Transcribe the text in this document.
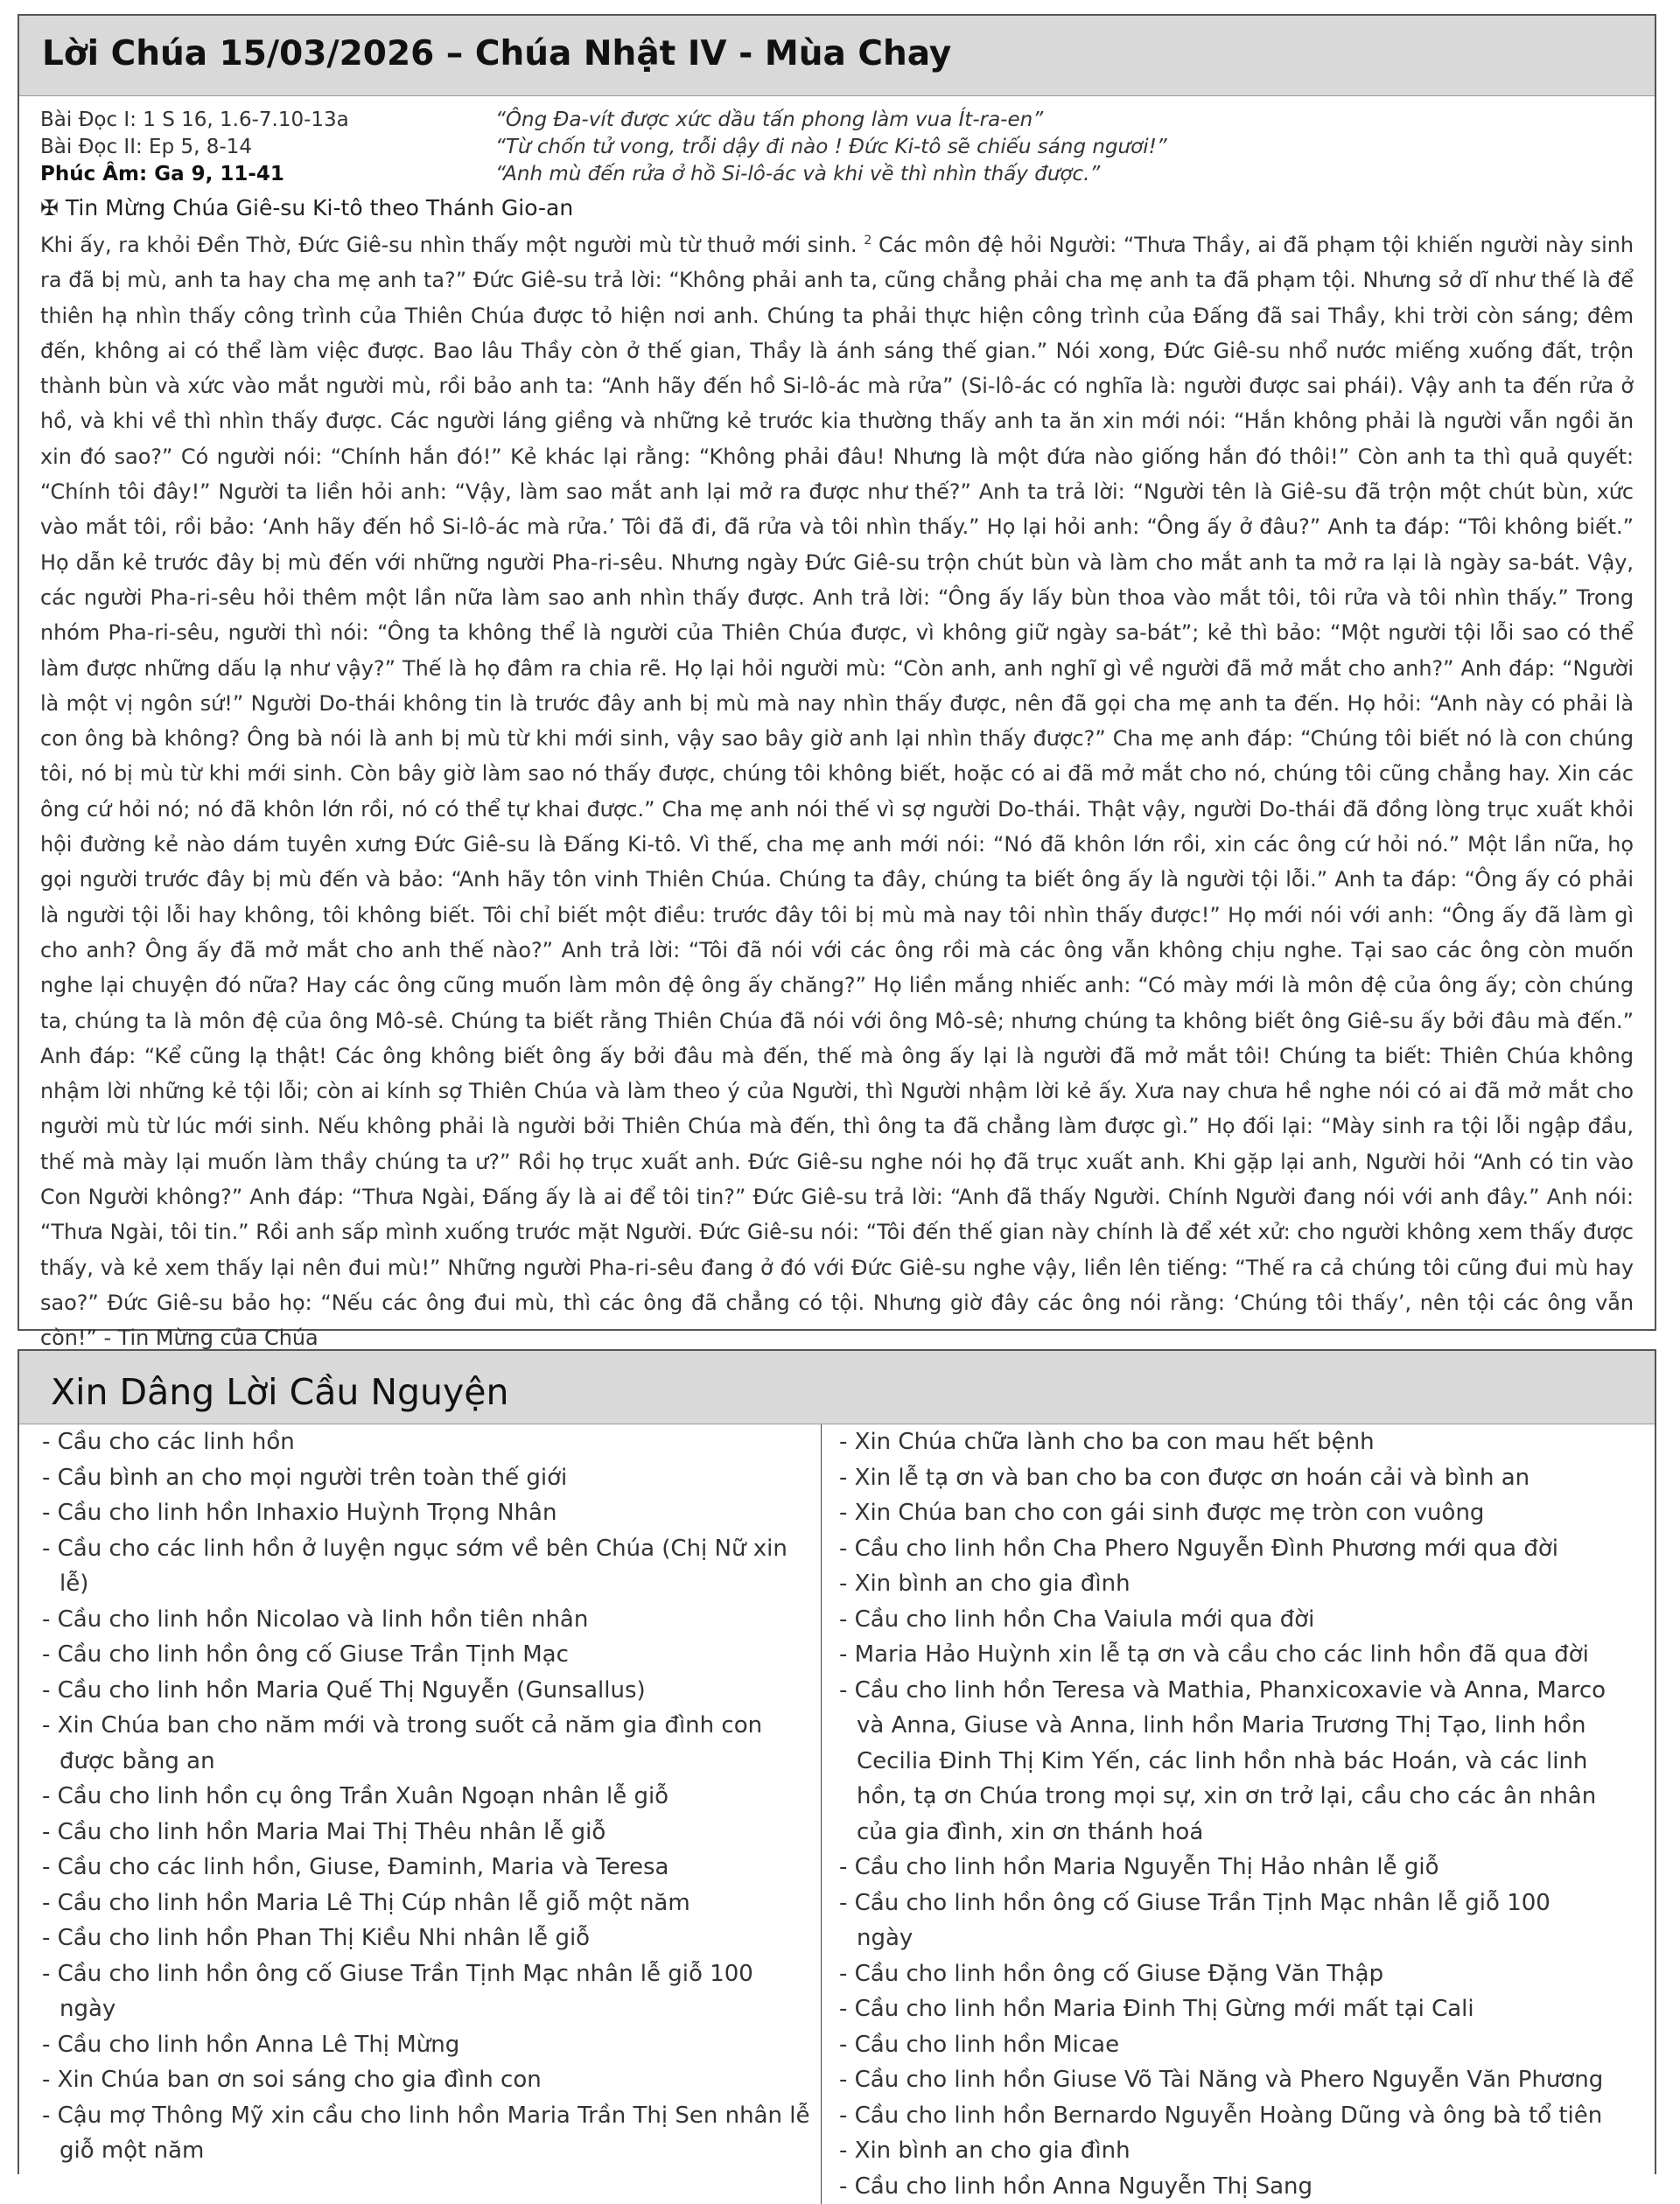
Lời Chúa 15/03/2026 – Chúa Nhật IV - Mùa Chay
Bài Đọc I: 1 S 16, 1.6-7.10-13a	“Ông Đa-vít được xức dầu tấn phong làm vua Ít-ra-en”
Bài Đọc II: Ep 5, 8-14	“Từ chốn tử vong, trỗi dậy đi nào ! Đức Ki-tô sẽ chiếu sáng ngươi!”
Phúc Âm: Ga 9, 11-41	“Anh mù đến rửa ở hồ Si-lô-ác và khi về thì nhìn thấy được.”
✠ Tin Mừng Chúa Giê-su Ki-tô theo Thánh Gio-an
Khi ấy, ra khỏi Đền Thờ, Đức Giê-su nhìn thấy một người mù từ thuở mới sinh. $^2$ Các môn đệ hỏi Người: “Thưa Thầy, ai đã phạm tội khiến người này sinh ra đã bị mù, anh ta hay cha mẹ anh ta?” Đức Giê-su trả lời: “Không phải anh ta, cũng chẳng phải cha mẹ anh ta đã phạm tội. Nhưng sở dĩ như thế là để thiên hạ nhìn thấy công trình của Thiên Chúa được tỏ hiện nơi anh. Chúng ta phải thực hiện công trình của Đấng đã sai Thầy, khi trời còn sáng; đêm đến, không ai có thể làm việc được. Bao lâu Thầy còn ở thế gian, Thầy là ánh sáng thế gian.” Nói xong, Đức Giê-su nhổ nước miếng xuống đất, trộn thành bùn và xức vào mắt người mù, rồi bảo anh ta: “Anh hãy đến hồ Si-lô-ác mà rửa” (Si-lô-ác có nghĩa là: người được sai phái). Vậy anh ta đến rửa ở hồ, và khi về thì nhìn thấy được. Các người láng giềng và những kẻ trước kia thường thấy anh ta ăn xin mới nói: “Hắn không phải là người vẫn ngồi ăn xin đó sao?” Có người nói: “Chính hắn đó!” Kẻ khác lại rằng: “Không phải đâu! Nhưng là một đứa nào giống hắn đó thôi!” Còn anh ta thì quả quyết: “Chính tôi đây!” Người ta liền hỏi anh: “Vậy, làm sao mắt anh lại mở ra được như thế?” Anh ta trả lời: “Người tên là Giê-su đã trộn một chút bùn, xức vào mắt tôi, rồi bảo: ‘Anh hãy đến hồ Si-lô-ác mà rửa.’ Tôi đã đi, đã rửa và tôi nhìn thấy.” Họ lại hỏi anh: “Ông ấy ở đâu?” Anh ta đáp: “Tôi không biết.” Họ dẫn kẻ trước đây bị mù đến với những người Pha-ri-sêu. Nhưng ngày Đức Giê-su trộn chút bùn và làm cho mắt anh ta mở ra lại là ngày sa-bát. Vậy, các người Pha-ri-sêu hỏi thêm một lần nữa làm sao anh nhìn thấy được. Anh trả lời: “Ông ấy lấy bùn thoa vào mắt tôi, tôi rửa và tôi nhìn thấy.” Trong nhóm Pha-ri-sêu, người thì nói: “Ông ta không thể là người của Thiên Chúa được, vì không giữ ngày sa-bát”; kẻ thì bảo: “Một người tội lỗi sao có thể làm được những dấu lạ như vậy?” Thế là họ đâm ra chia rẽ. Họ lại hỏi người mù: “Còn anh, anh nghĩ gì về người đã mở mắt cho anh?” Anh đáp: “Người là một vị ngôn sứ!” Người Do-thái không tin là trước đây anh bị mù mà nay nhìn thấy được, nên đã gọi cha mẹ anh ta đến. Họ hỏi: “Anh này có phải là con ông bà không? Ông bà nói là anh bị mù từ khi mới sinh, vậy sao bây giờ anh lại nhìn thấy được?” Cha mẹ anh đáp: “Chúng tôi biết nó là con chúng tôi, nó bị mù từ khi mới sinh. Còn bây giờ làm sao nó thấy được, chúng tôi không biết, hoặc có ai đã mở mắt cho nó, chúng tôi cũng chẳng hay. Xin các ông cứ hỏi nó; nó đã khôn lớn rồi, nó có thể tự khai được.” Cha mẹ anh nói thế vì sợ người Do-thái. Thật vậy, người Do-thái đã đồng lòng trục xuất khỏi hội đường kẻ nào dám tuyên xưng Đức Giê-su là Đấng Ki-tô. Vì thế, cha mẹ anh mới nói: “Nó đã khôn lớn rồi, xin các ông cứ hỏi nó.” Một lần nữa, họ gọi người trước đây bị mù đến và bảo: “Anh hãy tôn vinh Thiên Chúa. Chúng ta đây, chúng ta biết ông ấy là người tội lỗi.” Anh ta đáp: “Ông ấy có phải là người tội lỗi hay không, tôi không biết. Tôi chỉ biết một điều: trước đây tôi bị mù mà nay tôi nhìn thấy được!” Họ mới nói với anh: “Ông ấy đã làm gì cho anh? Ông ấy đã mở mắt cho anh thế nào?” Anh trả lời: “Tôi đã nói với các ông rồi mà các ông vẫn không chịu nghe. Tại sao các ông còn muốn nghe lại chuyện đó nữa? Hay các ông cũng muốn làm môn đệ ông ấy chăng?” Họ liền mắng nhiếc anh: “Có mày mới là môn đệ của ông ấy; còn chúng ta, chúng ta là môn đệ của ông Mô-sê. Chúng ta biết rằng Thiên Chúa đã nói với ông Mô-sê; nhưng chúng ta không biết ông Giê-su ấy bởi đâu mà đến.” Anh đáp: “Kể cũng lạ thật! Các ông không biết ông ấy bởi đâu mà đến, thế mà ông ấy lại là người đã mở mắt tôi! Chúng ta biết: Thiên Chúa không nhậm lời những kẻ tội lỗi; còn ai kính sợ Thiên Chúa và làm theo ý của Người, thì Người nhậm lời kẻ ấy. Xưa nay chưa hề nghe nói có ai đã mở mắt cho người mù từ lúc mới sinh. Nếu không phải là người bởi Thiên Chúa mà đến, thì ông ta đã chẳng làm được gì.” Họ đối lại: “Mày sinh ra tội lỗi ngập đầu, thế mà mày lại muốn làm thầy chúng ta ư?” Rồi họ trục xuất anh. Đức Giê-su nghe nói họ đã trục xuất anh. Khi gặp lại anh, Người hỏi “Anh có tin vào Con Người không?” Anh đáp: “Thưa Ngài, Đấng ấy là ai để tôi tin?” Đức Giê-su trả lời: “Anh đã thấy Người. Chính Người đang nói với anh đây.” Anh nói: “Thưa Ngài, tôi tin.” Rồi anh sấp mình xuống trước mặt Người. Đức Giê-su nói: “Tôi đến thế gian này chính là để xét xử: cho người không xem thấy được thấy, và kẻ xem thấy lại nên đui mù!” Những người Pha-ri-sêu đang ở đó với Đức Giê-su nghe vậy, liền lên tiếng: “Thế ra cả chúng tôi cũng đui mù hay sao?” Đức Giê-su bảo họ: “Nếu các ông đui mù, thì các ông đã chẳng có tội. Nhưng giờ đây các ông nói rằng: ‘Chúng tôi thấy’, nên tội các ông vẫn còn!” - Tin Mừng của Chúa
Xin Dâng Lời Cầu Nguyện
- Cầu cho các linh hồn
- Cầu bình an cho mọi người trên toàn thế giới
- Cầu cho linh hồn Inhaxio Huỳnh Trọng Nhân
- Cầu cho các linh hồn ở luyện ngục sớm về bên Chúa (Chị Nữ xin lễ)
- Cầu cho linh hồn Nicolao và linh hồn tiên nhân
- Cầu cho linh hồn ông cố Giuse Trần Tịnh Mạc
- Cầu cho linh hồn Maria Quế Thị Nguyễn (Gunsallus)
- Xin Chúa ban cho năm mới và trong suốt cả năm gia đình con được bằng an
- Cầu cho linh hồn cụ ông Trần Xuân Ngoạn nhân lễ giỗ
- Cầu cho linh hồn Maria Mai Thị Thêu nhân lễ giỗ
- Cầu cho các linh hồn, Giuse, Đaminh, Maria và Teresa
- Cầu cho linh hồn Maria Lê Thị Cúp nhân lễ giỗ một năm
- Cầu cho linh hồn Phan Thị Kiều Nhi nhân lễ giỗ
- Cầu cho linh hồn ông cố Giuse Trần Tịnh Mạc nhân lễ giỗ 100 ngày
- Cầu cho linh hồn Anna Lê Thị Mừng
- Xin Chúa ban ơn soi sáng cho gia đình con
- Cậu mợ Thông Mỹ xin cầu cho linh hồn Maria Trần Thị Sen nhân lễ giỗ một năm
- Xin Chúa chữa lành cho ba con mau hết bệnh
- Xin lễ tạ ơn và ban cho ba con được ơn hoán cải và bình an
- Xin Chúa ban cho con gái sinh được mẹ tròn con vuông
- Cầu cho linh hồn Cha Phero Nguyễn Đình Phương mới qua đời
- Xin bình an cho gia đình
- Cầu cho linh hồn Cha Vaiula mới qua đời
- Maria Hảo Huỳnh xin lễ tạ ơn và cầu cho các linh hồn đã qua đời
- Cầu cho linh hồn Teresa và Mathia, Phanxicoxavie và Anna, Marco và Anna, Giuse và Anna, linh hồn Maria Trương Thị Tạo, linh hồn Cecilia Đinh Thị Kim Yến, các linh hồn nhà bác Hoán, và các linh hồn, tạ ơn Chúa trong mọi sự, xin ơn trở lại, cầu cho các ân nhân của gia đình, xin ơn thánh hoá
- Cầu cho linh hồn Maria Nguyễn Thị Hảo nhân lễ giỗ
- Cầu cho linh hồn ông cố Giuse Trần Tịnh Mạc nhân lễ giỗ 100 ngày
- Cầu cho linh hồn ông cố Giuse Đặng Văn Thập
- Cầu cho linh hồn Maria Đinh Thị Gừng mới mất tại Cali
- Cầu cho linh hồn Micae
- Cầu cho linh hồn Giuse Võ Tài Năng và Phero Nguyễn Văn Phương
- Cầu cho linh hồn Bernardo Nguyễn Hoàng Dũng và ông bà tổ tiên
- Xin bình an cho gia đình
- Cầu cho linh hồn Anna Nguyễn Thị Sang
